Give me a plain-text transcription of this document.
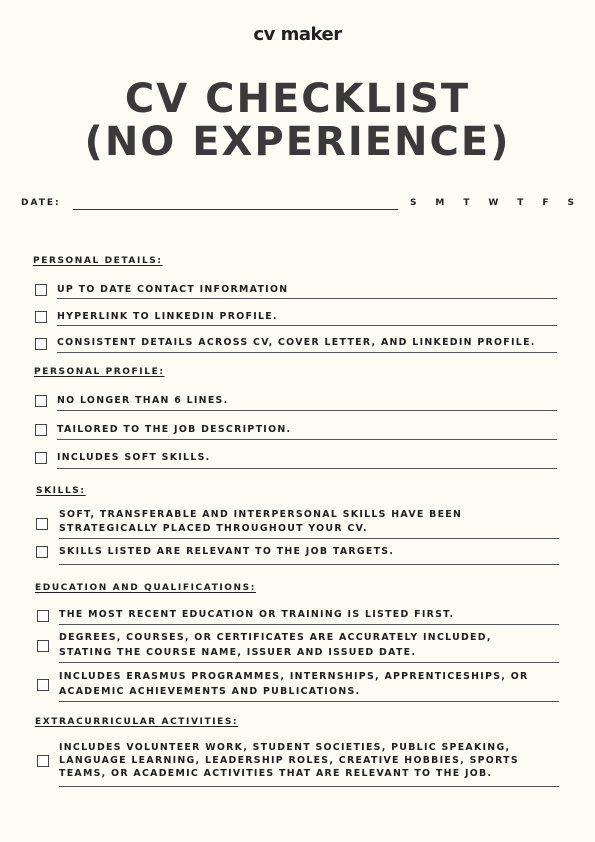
cv maker
CV CHECKLIST
(NO EXPERIENCE)
DATE:	S M T W T F S
PERSONAL DETAILS:
UP TO DATE CONTACT INFORMATION
HYPERLINK TO LINKEDIN PROFILE.
CONSISTENT DETAILS ACROSS CV, COVER LETTER, AND LINKEDIN PROFILE.
PERSONAL PROFILE:
NO LONGER THAN 6 LINES.
TAILORED TO THE JOB DESCRIPTION.
INCLUDES SOFT SKILLS.
SKILLS:
SOFT, TRANSFERABLE AND INTERPERSONAL SKILLS HAVE BEEN
STRATEGICALLY PLACED THROUGHOUT YOUR CV.
SKILLS LISTED ARE RELEVANT TO THE JOB TARGETS.
EDUCATION AND QUALIFICATIONS:
THE MOST RECENT EDUCATION OR TRAINING IS LISTED FIRST.
DEGREES, COURSES, OR CERTIFICATES ARE ACCURATELY INCLUDED,
STATING THE COURSE NAME, ISSUER AND ISSUED DATE.
INCLUDES ERASMUS PROGRAMMES, INTERNSHIPS, APPRENTICESHIPS, OR
ACADEMIC ACHIEVEMENTS AND PUBLICATIONS.
EXTRACURRICULAR ACTIVITIES:
INCLUDES VOLUNTEER WORK, STUDENT SOCIETIES, PUBLIC SPEAKING,
LANGUAGE LEARNING, LEADERSHIP ROLES, CREATIVE HOBBIES, SPORTS
TEAMS, OR ACADEMIC ACTIVITIES THAT ARE RELEVANT TO THE JOB.
